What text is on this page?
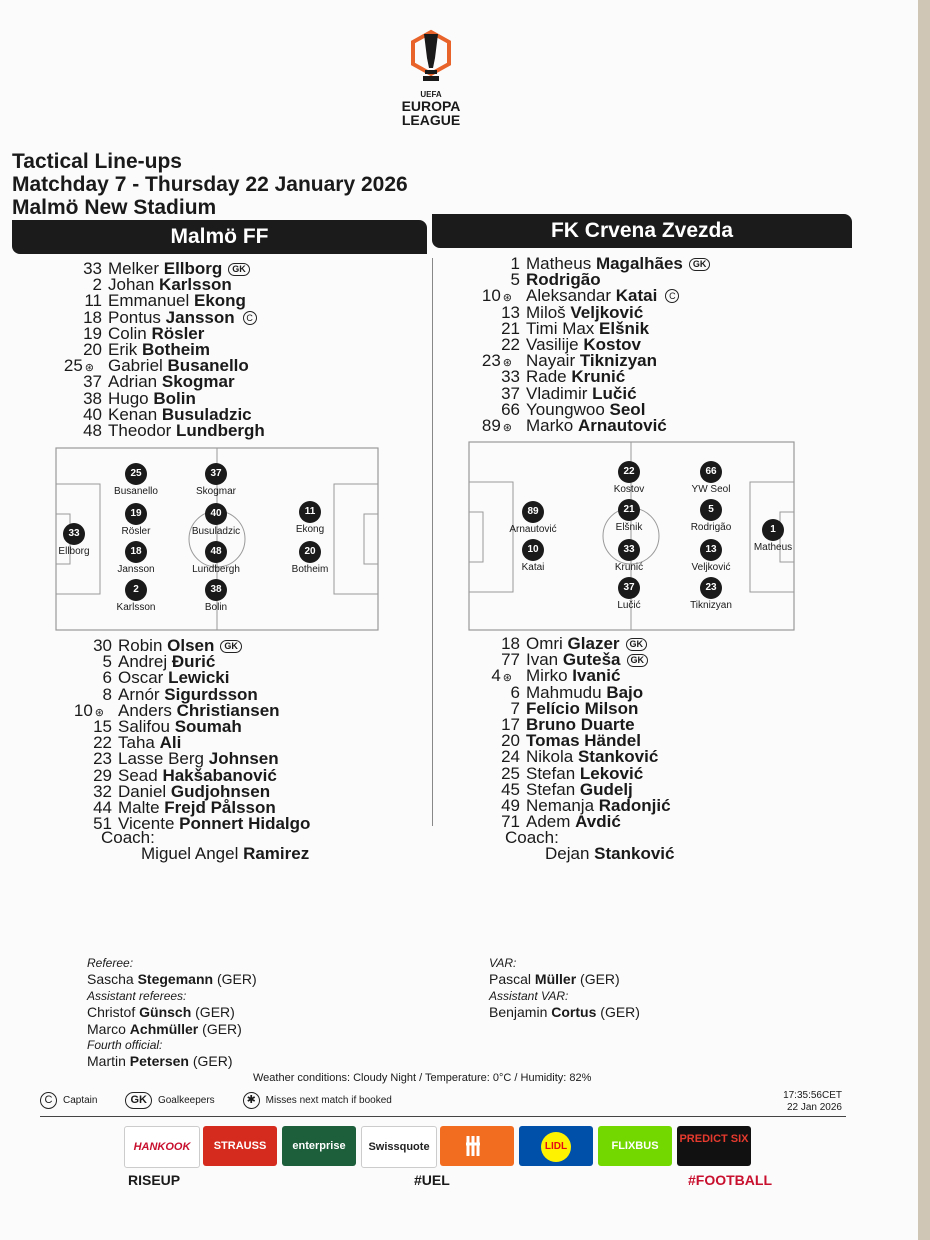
UEFA
EUROPA
LEAGUE
Tactical Line-ups
Matchday 7 - Thursday 22 January 2026
Malmö New Stadium
Malmö FF	FK Crvena Zvezda
33 Melker Ellborg GK
2 Johan Karlsson
11 Emmanuel Ekong
18 Pontus Jansson C
19 Colin Rösler
20 Erik Botheim
25 ⊛ Gabriel Busanello
37 Adrian Skogmar
38 Hugo Bolin
40 Kenan Busuladzic
48 Theodor Lundbergh
1 Matheus Magalhães GK
5 Rodrigão
10 ⊛ Aleksandar Katai C
13 Miloš Veljković
21 Timi Max Elšnik
22 Vasilije Kostov
23 ⊛ Nayair Tiknizyan
33 Rade Krunić
37 Vladimir Lučić
66 Youngwoo Seol
89 ⊛ Marko Arnautović
33
Ellborg
25
Busanello
19
Rösler
18
Jansson
2
Karlsson
37
Skogmar
40
Busuladzic
48
Lundbergh
38
Bolin
11
Ekong
20
Botheim
89
Arnautović
10
Katai
22
Kostov
21
Elšnik
33
Krunić
37
Lučić
66
YW Seol
5
Rodrigão
13
Veljković
23
Tiknizyan
1
Matheus
30 Robin Olsen GK
5 Andrej Đurić
6 Oscar Lewicki
8 Arnór Sigurdsson
10 ⊛ Anders Christiansen
15 Salifou Soumah
22 Taha Ali
23 Lasse Berg Johnsen
29 Sead Hakšabanović
32 Daniel Gudjohnsen
44 Malte Frejd Pålsson
51 Vicente Ponnert Hidalgo
18 Omri Glazer GK
77 Ivan Guteša GK
4 ⊛ Mirko Ivanić
6 Mahmudu Bajo
7 Felício Milson
17 Bruno Duarte
20 Tomas Händel
24 Nikola Stanković
25 Stefan Leković
45 Stefan Gudelj
49 Nemanja Radonjić
71 Adem Avdić
Coach:
Miguel Angel Ramirez
Coach:
Dejan Stanković
Referee:
Sascha Stegemann (GER)
Assistant referees:
Christof Günsch (GER)
Marco Achmüller (GER)
Fourth official:
Martin Petersen (GER)
VAR:
Pascal Müller (GER)
Assistant VAR:
Benjamin Cortus (GER)
Weather conditions: Cloudy Night / Temperature: 0°C / Humidity: 82%
C	Captain	GK	Goalkeepers	✱ Misses next match if booked	17:35:56CET
22 Jan 2026
HANKOOK	STRAUSS	enterprise	Swissquote	LIDL	FLIXBUS
PREDICT SIX
RISEUP	#UEL	#FOOTBALL
